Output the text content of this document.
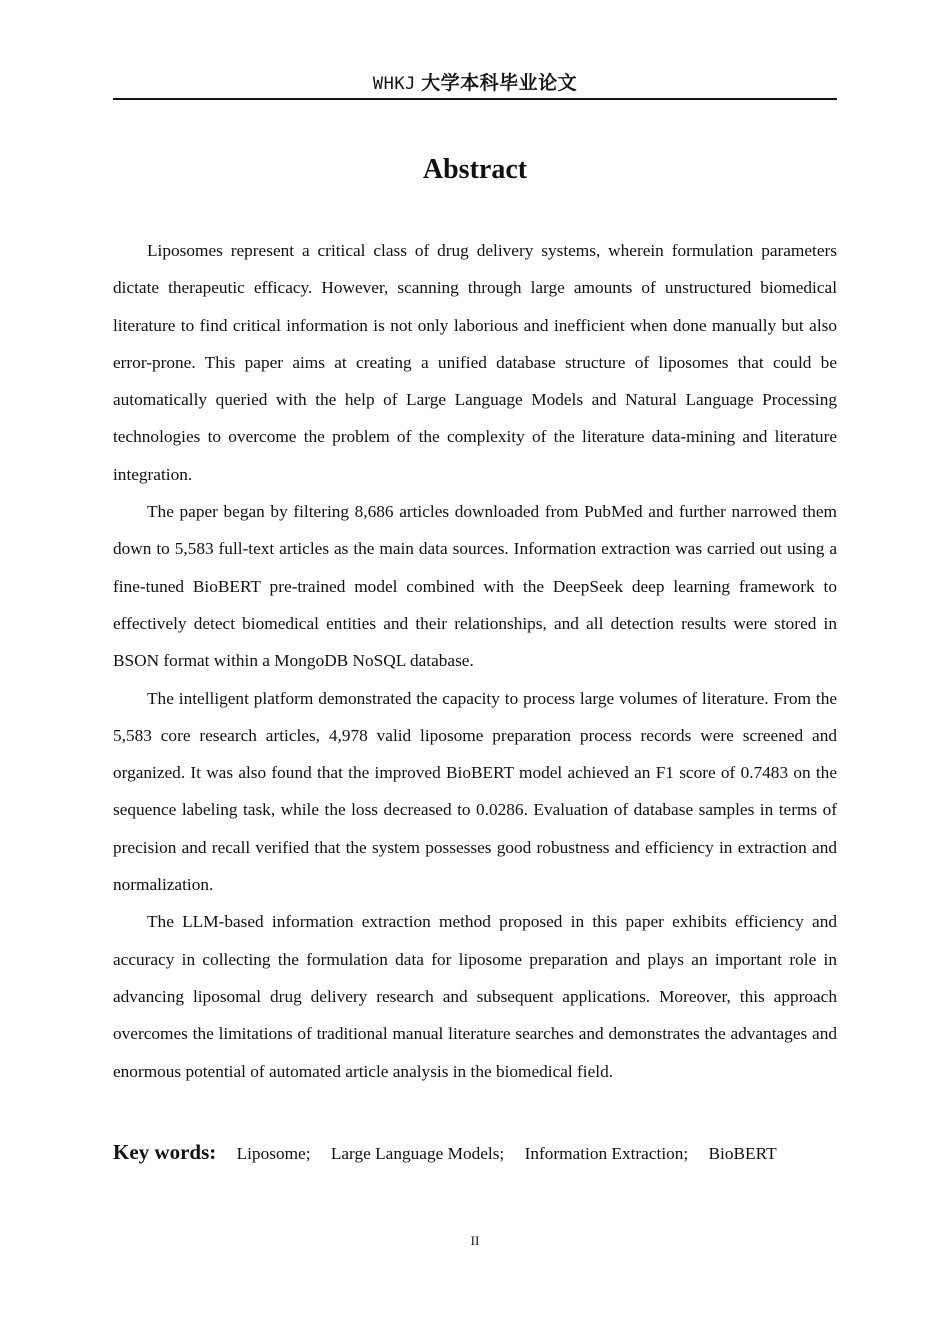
WHKJ 大学本科毕业论文
Abstract

Liposomes represent a critical class of drug delivery systems, wherein formulation parameters dictate therapeutic efficacy. However, scanning through large amounts of unstructured biomedical literature to find critical information is not only laborious and inefficient when done manually but also error-prone. This paper aims at creating a unified database structure of liposomes that could be automatically queried with the help of Large Language Models and Natural Language Processing technologies to overcome the problem of the complexity of the literature data-mining and literature integration.

The paper began by filtering 8,686 articles downloaded from PubMed and further narrowed them down to 5,583 full-text articles as the main data sources. Information extraction was carried out using a fine-tuned BioBERT pre-trained model combined with the DeepSeek deep learning framework to effectively detect biomedical entities and their relationships, and all detection results were stored in BSON format within a MongoDB NoSQL database.

The intelligent platform demonstrated the capacity to process large volumes of literature. From the 5,583 core research articles, 4,978 valid liposome preparation process records were screened and organized. It was also found that the improved BioBERT model achieved an F1 score of 0.7483 on the sequence labeling task, while the loss decreased to 0.0286. Evaluation of database samples in terms of precision and recall verified that the system possesses good robustness and efficiency in extraction and normalization.

The LLM-based information extraction method proposed in this paper exhibits efficiency and accuracy in collecting the formulation data for liposome preparation and plays an important role in advancing liposomal drug delivery research and subsequent applications. Moreover, this approach overcomes the limitations of traditional manual literature searches and demonstrates the advantages and enormous potential of automated article analysis in the biomedical field.

Key words: Liposome; Large Language Models; Information Extraction; BioBERT
II
